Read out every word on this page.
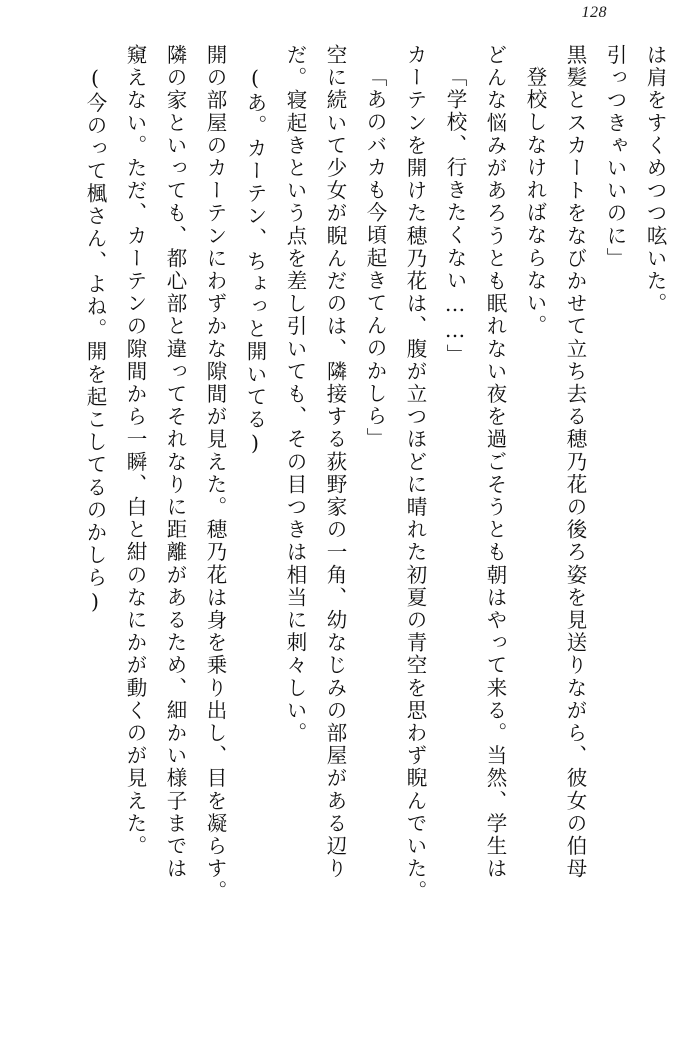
128
は肩をすくめつつ呟いた。
引っつきゃいいのに」
黒髪とスカートをなびかせて立ち去る穂乃花の後ろ姿を見送りながら、彼女の伯母
登校しなければならない。
どんな悩みがあろうとも眠れない夜を過ごそうとも朝はやって来る。当然、学生は
「学校、行きたくない……」
カーテンを開けた穂乃花は、腹が立つほどに晴れた初夏の青空を思わず睨んでいた。
「あのバカも今頃起きてんのかしら」
空に続いて少女が睨んだのは、隣接する荻野家の一角、幼なじみの部屋がある辺り
だ。寝起きという点を差し引いても、その目つきは相当に刺々しい。
(あ。カーテン、ちょっと開いてる)
開の部屋のカーテンにわずかな隙間が見えた。穂乃花は身を乗り出し、目を凝らす。
隣の家といっても、都心部と違ってそれなりに距離があるため、細かい様子までは
窺えない。ただ、カーテンの隙間から一瞬、白と紺のなにかが動くのが見えた。
(今のって楓さん、よね。開を起こしてるのかしら)
